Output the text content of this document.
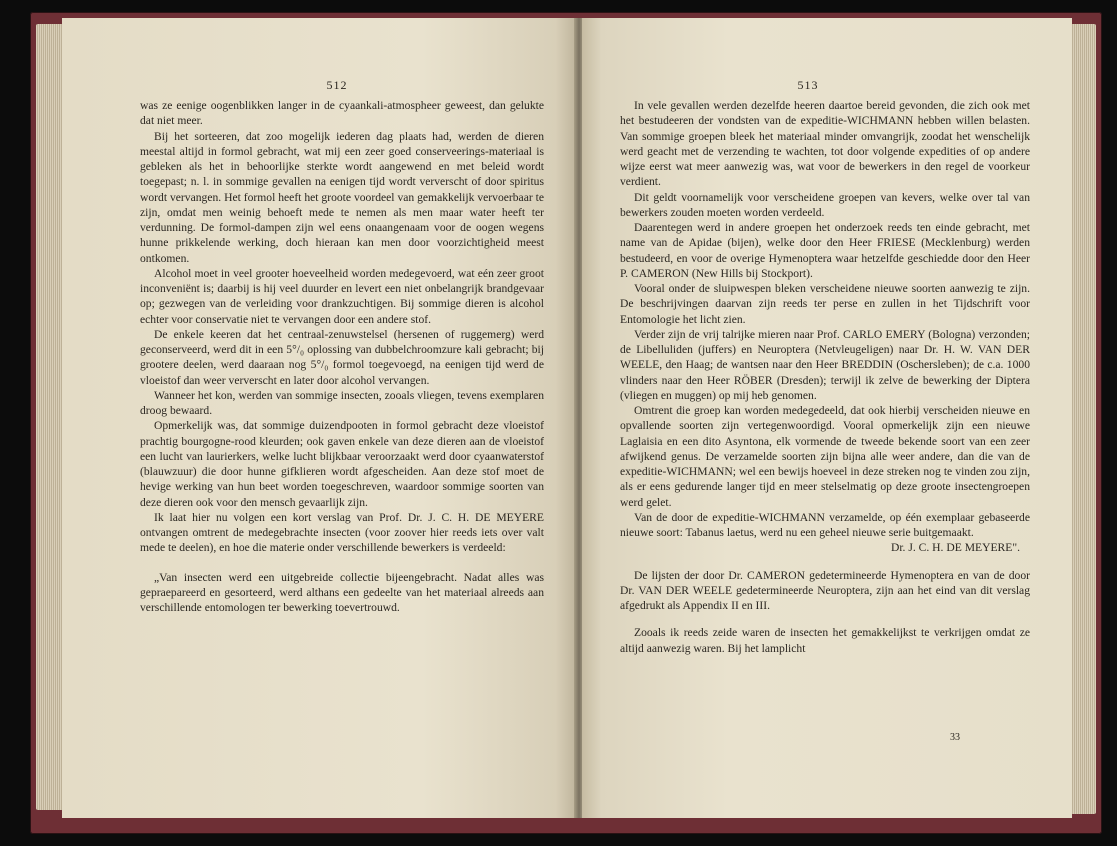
512

was ze eenige oogenblikken langer in de cyaankali-atmospheer geweest, dan gelukte dat niet meer.

Bij het sorteeren, dat zoo mogelijk iederen dag plaats had, werden de dieren meestal altijd in formol gebracht, wat mij een zeer goed conserveerings-materiaal is gebleken als het in behoorlijke sterkte wordt aangewend en met beleid wordt toegepast; n. l. in sommige gevallen na eenigen tijd wordt ververscht of door spiritus wordt vervangen. Het formol heeft het groote voordeel van gemakkelijk vervoerbaar te zijn, omdat men weinig behoeft mede te nemen als men maar water heeft ter verdunning. De formol-dampen zijn wel eens onaangenaam voor de oogen wegens hunne prikkelende werking, doch hieraan kan men door voorzichtigheid meest ontkomen.

Alcohol moet in veel grooter hoeveelheid worden medegevoerd, wat eén zeer groot inconveniënt is; daarbij is hij veel duurder en levert een niet onbelangrijk brandgevaar op; gezwegen van de verleiding voor drankzuchtigen. Bij sommige dieren is alcohol echter voor conservatie niet te vervangen door een andere stof.

De enkele keeren dat het centraal-zenuwstelsel (hersenen of ruggemerg) werd geconserveerd, werd dit in een 5°/₀ oplossing van dubbelchroomzure kali gebracht; bij grootere deelen, werd daaraan nog 5°/₀ formol toegevoegd, na eenigen tijd werd de vloeistof dan weer ververscht en later door alcohol vervangen.

Wanneer het kon, werden van sommige insecten, zooals vliegen, tevens exemplaren droog bewaard.

Opmerkelijk was, dat sommige duizendpooten in formol gebracht deze vloeistof prachtig bourgogne-rood kleurden; ook gaven enkele van deze dieren aan de vloeistof een lucht van laurierkers, welke lucht blijkbaar veroorzaakt werd door cyaanwaterstof (blauwzuur) die door hunne gifklieren wordt afgescheiden. Aan deze stof moet de hevige werking van hun beet worden toegeschreven, waardoor sommige soorten van deze dieren ook voor den mensch gevaarlijk zijn.

Ik laat hier nu volgen een kort verslag van Prof. Dr. J. C. H. DE MEYERE ontvangen omtrent de medegebrachte insecten (voor zoover hier reeds iets over valt mede te deelen), en hoe die materie onder verschillende bewerkers is verdeeld:

„Van insecten werd een uitgebreide collectie bijeengebracht. Nadat alles was gepraepareerd en gesorteerd, werd althans een gedeelte van het materiaal alreeds aan verschillende entomologen ter bewerking toevertrouwd.

513

In vele gevallen werden dezelfde heeren daartoe bereid gevonden, die zich ook met het bestudeeren der vondsten van de expeditie-WICHMANN hebben willen belasten. Van sommige groepen bleek het materiaal minder omvangrijk, zoodat het wenschelijk werd geacht met de verzending te wachten, tot door volgende expedities of op andere wijze eerst wat meer aanwezig was, wat voor de bewerkers in den regel de voorkeur verdient.

Dit geldt voornamelijk voor verscheidene groepen van kevers, welke over tal van bewerkers zouden moeten worden verdeeld.

Daarentegen werd in andere groepen het onderzoek reeds ten einde gebracht, met name van de Apidae (bijen), welke door den Heer FRIESE (Mecklenburg) werden bestudeerd, en voor de overige Hymenoptera waar hetzelfde geschiedde door den Heer P. CAMERON (New Hills bij Stockport).

Vooral onder de sluipwespen bleken verscheidene nieuwe soorten aanwezig te zijn. De beschrijvingen daarvan zijn reeds ter perse en zullen in het Tijdschrift voor Entomologie het licht zien.

Verder zijn de vrij talrijke mieren naar Prof. CARLO EMERY (Bologna) verzonden; de Libelluliden (juffers) en Neuroptera (Netvleugeligen) naar Dr. H. W. VAN DER WEELE, den Haag; de wantsen naar den Heer BREDDIN (Oschersleben); de c.a. 1000 vlinders naar den Heer RÖBER (Dresden); terwijl ik zelve de bewerking der Diptera (vliegen en muggen) op mij heb genomen.

Omtrent die groep kan worden medegedeeld, dat ook hierbij verscheiden nieuwe en opvallende soorten zijn vertegenwoordigd. Vooral opmerkelijk zijn een nieuwe Laglaisia en een dito Asyntona, elk vormende de tweede bekende soort van een zeer afwijkend genus. De verzamelde soorten zijn bijna alle weer andere, dan die van de expeditie-WICHMANN; wel een bewijs hoeveel in deze streken nog te vinden zou zijn, als er eens gedurende langer tijd en meer stelselmatig op deze groote insectengroepen werd gelet.

Van de door de expeditie-WICHMANN verzamelde, op één exemplaar gebaseerde nieuwe soort: Tabanus laetus, werd nu een geheel nieuwe serie buitgemaakt.

Dr. J. C. H. DE MEYERE".

De lijsten der door Dr. CAMERON gedetermineerde Hymenoptera en van de door Dr. VAN DER WEELE gedetermineerde Neuroptera, zijn aan het eind van dit verslag afgedrukt als Appendix II en III.

Zooals ik reeds zeide waren de insecten het gemakkelijkst te verkrijgen omdat ze altijd aanwezig waren. Bij het lamplicht

33
